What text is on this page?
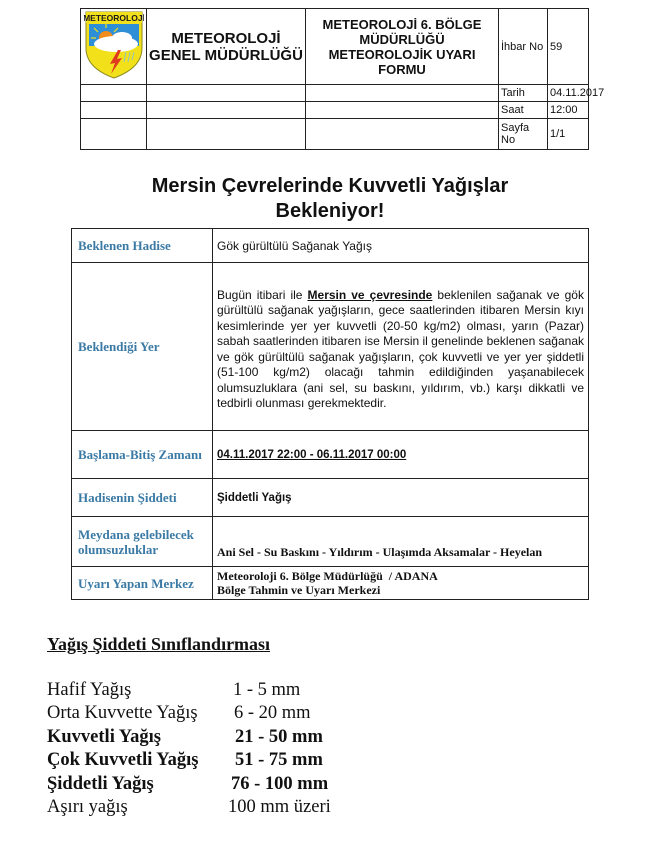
METEOROLOJİ	METEOROLOJİ GENEL MÜDÜRLÜĞÜ	METEOROLOJİ 6. BÖLGE MÜDÜRLÜĞÜ METEOROLOJİK UYARI FORMU	İhbar No	59
			Tarih	04.11.2017
			Saat	12:00
			Sayfa No	1/1
Mersin Çevrelerinde Kuvvetli Yağışlar
Bekleniyor!
Beklenen Hadise	Gök gürültülü Sağanak Yağış
Beklendiği Yer	Bugün itibari ile Mersin ve çevresinde beklenilen sağanak ve gök gürültülü sağanak yağışların, gece saatlerinden itibaren Mersin kıyı kesimlerinde yer yer kuvvetli (20-50 kg/m2) olması, yarın (Pazar) sabah saatlerinden itibaren ise Mersin il genelinde beklenen sağanak ve gök gürültülü sağanak yağışların, çok kuvvetli ve yer yer şiddetli (51-100 kg/m2) olacağı tahmin edildiğinden yaşanabilecek olumsuzluklara (ani sel, su baskını, yıldırım, vb.) karşı dikkatli ve tedbirli olunması gerekmektedir.
Başlama-Bitiş Zamanı	04.11.2017 22:00 - 06.11.2017 00:00
Hadisenin Şiddeti	Şiddetli Yağış
Meydana gelebilecek olumsuzluklar	Ani Sel - Su Baskını - Yıldırım - Ulaşımda Aksamalar - Heyelan
Uyarı Yapan Merkez	Meteoroloji 6. Bölge Müdürlüğü  / ADANA
Bölge Tahmin ve Uyarı Merkezi
Yağış Şiddeti Sınıflandırması
Hafif Yağış	1 - 5 mm
Orta Kuvvette Yağış	6 - 20 mm
Kuvvetli Yağış	21 - 50 mm
Çok Kuvvetli Yağış	51 - 75 mm
Şiddetli Yağış	76 - 100 mm
Aşırı yağış	100 mm üzeri
